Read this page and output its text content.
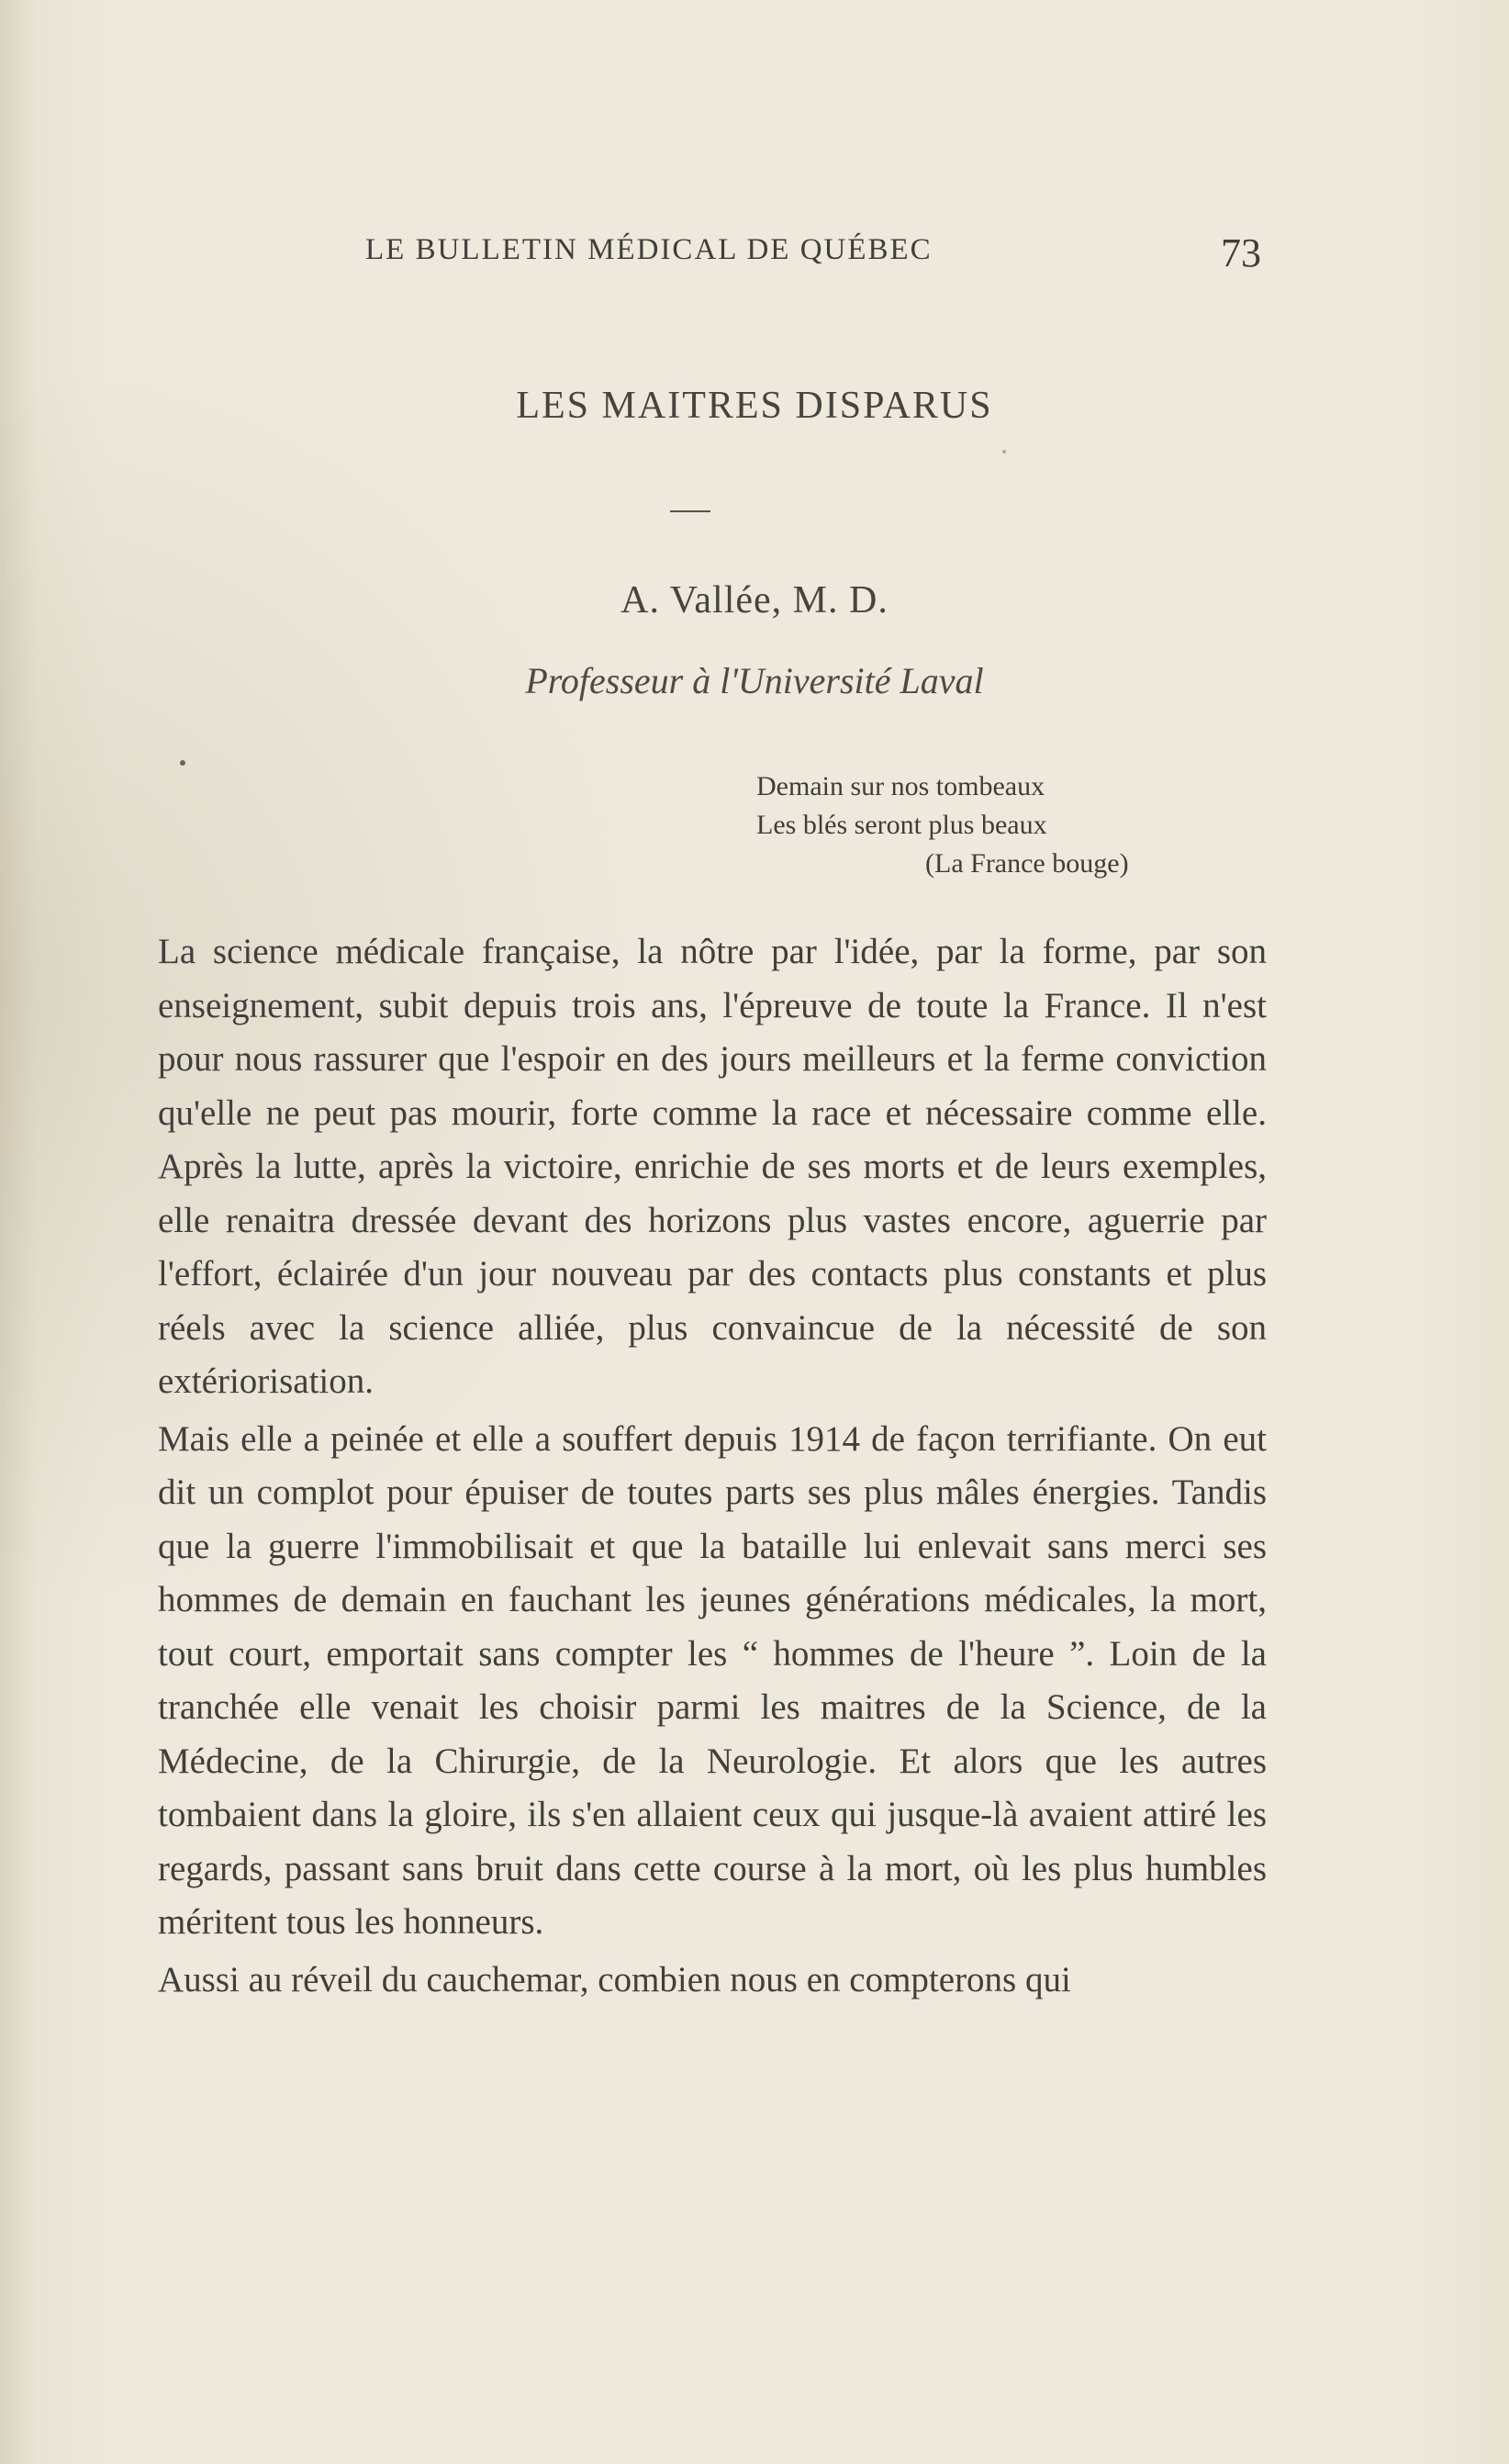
LE BULLETIN MÉDICAL DE QUÉBEC	73
LES MAITRES DISPARUS
A. Vallée, M. D.
Professeur à l'Université Laval
Demain sur nos tombeaux
Les blés seront plus beaux
(La France bouge)

La science médicale française, la nôtre par l'idée, par la forme, par son enseignement, subit depuis trois ans, l'épreuve de toute la France. Il n'est pour nous rassurer que l'espoir en des jours meilleurs et la ferme conviction qu'elle ne peut pas mourir, forte comme la race et nécessaire comme elle. Après la lutte, après la victoire, enrichie de ses morts et de leurs exemples, elle renaitra dressée devant des horizons plus vastes encore, aguerrie par l'effort, éclairée d'un jour nouveau par des contacts plus constants et plus réels avec la science alliée, plus convaincue de la nécessité de son extériorisation.

Mais elle a peinée et elle a souffert depuis 1914 de façon terrifiante. On eut dit un complot pour épuiser de toutes parts ses plus mâles énergies. Tandis que la guerre l'immobilisait et que la bataille lui enlevait sans merci ses hommes de demain en fauchant les jeunes générations médicales, la mort, tout court, emportait sans compter les “ hommes de l'heure ”. Loin de la tranchée elle venait les choisir parmi les maitres de la Science, de la Médecine, de la Chirurgie, de la Neurologie. Et alors que les autres tombaient dans la gloire, ils s'en allaient ceux qui jusque-là avaient attiré les regards, passant sans bruit dans cette course à la mort, où les plus humbles méritent tous les honneurs.

Aussi au réveil du cauchemar, combien nous en compterons qui
